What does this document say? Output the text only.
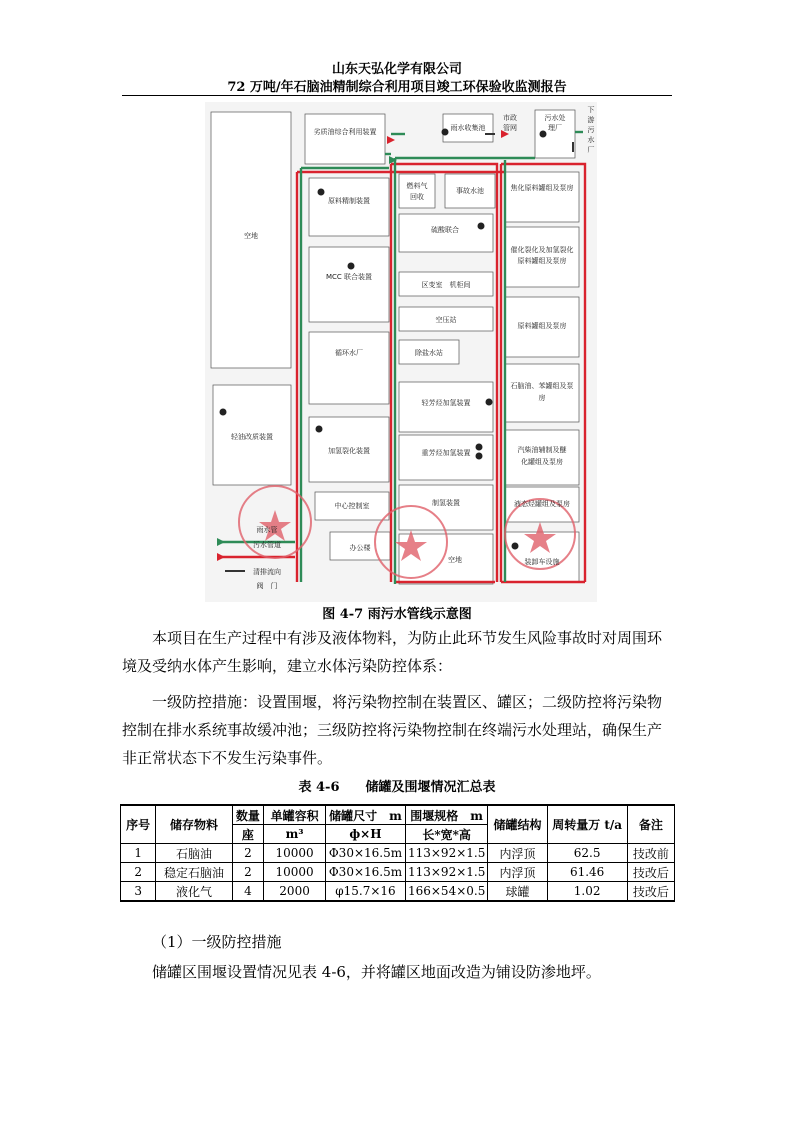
山东天弘化学有限公司
72 万吨/年石脑油精制综合利用项目竣工环保验收监测报告
劣质油综合利用装置	雨水收集池
市政
管网
污水处
理厂
下
游
污
水
厂
空地
原料精制装置
燃料气
回收
事故水池	焦化原料罐组及泵房
硫酸联合
MCC 联合装置
催化裂化及加氢裂化
原料罐组及泵房
区变室　机柜间
空压站
原料罐组及泵房
循环水厂	除盐水站
石脑油、苯罐组及泵
房
轻芳烃加氢装置
轻油改质装置
加氢裂化装置	重芳烃加氢装置	汽柴油辅制及醚
化罐组及泵房
制氢装置	液态烃罐组及泵房
中心控制室
办公楼
空地	装卸车设施
雨水管
污水管道
清排流向
阀　门
图 4-7 雨污水管线示意图
本项目在生产过程中有涉及液体物料，为防止此环节发生风险事故时对周围环境及受纳水体产生影响，建立水体污染防控体系：
一级防控措施：设置围堰，将污染物控制在装置区、罐区；二级防控将污染物控制在排水系统事故缓冲池；三级防控将污染物控制在终端污水处理站，确保生产非正常状态下不发生污染事件。
表 4-6　　储罐及围堰情况汇总表
序号	储存物料	数量	单罐容积	储罐尺寸　m	围堰规格　m	储罐结构	周转量万 t/a	备注
		座	m³	ф×H	长*宽*高			
1	石脑油	2	10000	Φ30×16.5m	113×92×1.5	内浮顶	62.5	技改前
2	稳定石脑油	2	10000	Φ30×16.5m	113×92×1.5	内浮顶	61.46	技改后
3	液化气	4	2000	φ15.7×16	166×54×0.5	球罐	1.02	技改后
（1）一级防控措施
储罐区围堰设置情况见表 4-6，并将罐区地面改造为铺设防渗地坪。
